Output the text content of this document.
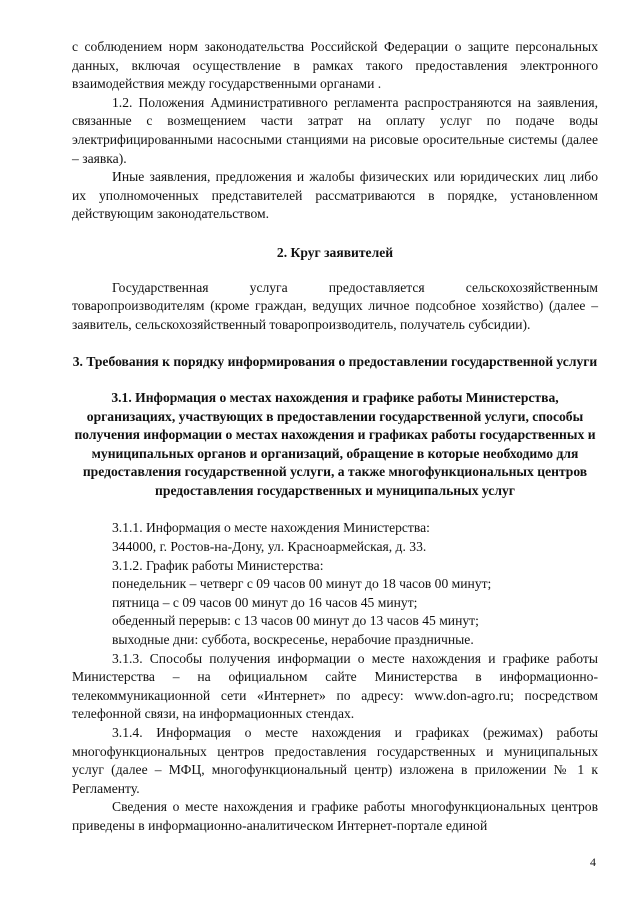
с соблюдением норм законодательства Российской Федерации о защите персональных данных, включая осуществление в рамках такого предоставления электронного взаимодействия между государственными органами .

1.2. Положения Административного регламента распространяются на заявления, связанные с возмещением части затрат на оплату услуг по подаче воды электрифицированными насосными станциями на рисовые оросительные системы (далее – заявка).

Иные заявления, предложения и жалобы физических или юридических лиц либо их уполномоченных представителей рассматриваются в порядке, установленном действующим законодательством.

2. Круг заявителей

Государственная услуга предоставляется сельскохозяйственным товаропроизводителям (кроме граждан, ведущих личное подсобное хозяйство) (далее – заявитель, сельскохозяйственный товаропроизводитель, получатель субсидии).

3. Требования к порядку информирования о предоставлении государственной услуги

3.1. Информация о местах нахождения и графике работы Министерства, организациях, участвующих в предоставлении государственной услуги, способы получения информации о местах нахождения и графиках работы государственных и муниципальных органов и организаций, обращение в которые необходимо для предоставления государственной услуги, а также многофункциональных центров предоставления государственных и муниципальных услуг

3.1.1. Информация о месте нахождения Министерства:

344000, г. Ростов-на-Дону, ул. Красноармейская, д. 33.

3.1.2. График работы Министерства:

понедельник – четверг с 09 часов 00 минут до 18 часов 00 минут;

пятница – с 09 часов 00 минут до 16 часов 45 минут;

обеденный перерыв: с 13 часов 00 минут до 13 часов 45 минут;

выходные дни: суббота, воскресенье, нерабочие праздничные.

3.1.3. Способы получения информации о месте нахождения и графике работы Министерства – на официальном сайте Министерства в информационно-телекоммуникационной сети «Интернет» по адресу: www.don-agro.ru; посредством телефонной связи, на информационных стендах.

3.1.4. Информация о месте нахождения и графиках (режимах) работы многофункциональных центров предоставления государственных и муниципальных услуг (далее – МФЦ, многофункциональный центр) изложена в приложении № 1 к Регламенту.

Сведения о месте нахождения и графике работы многофункциональных центров приведены в информационно-аналитическом Интернет-портале единой

4
